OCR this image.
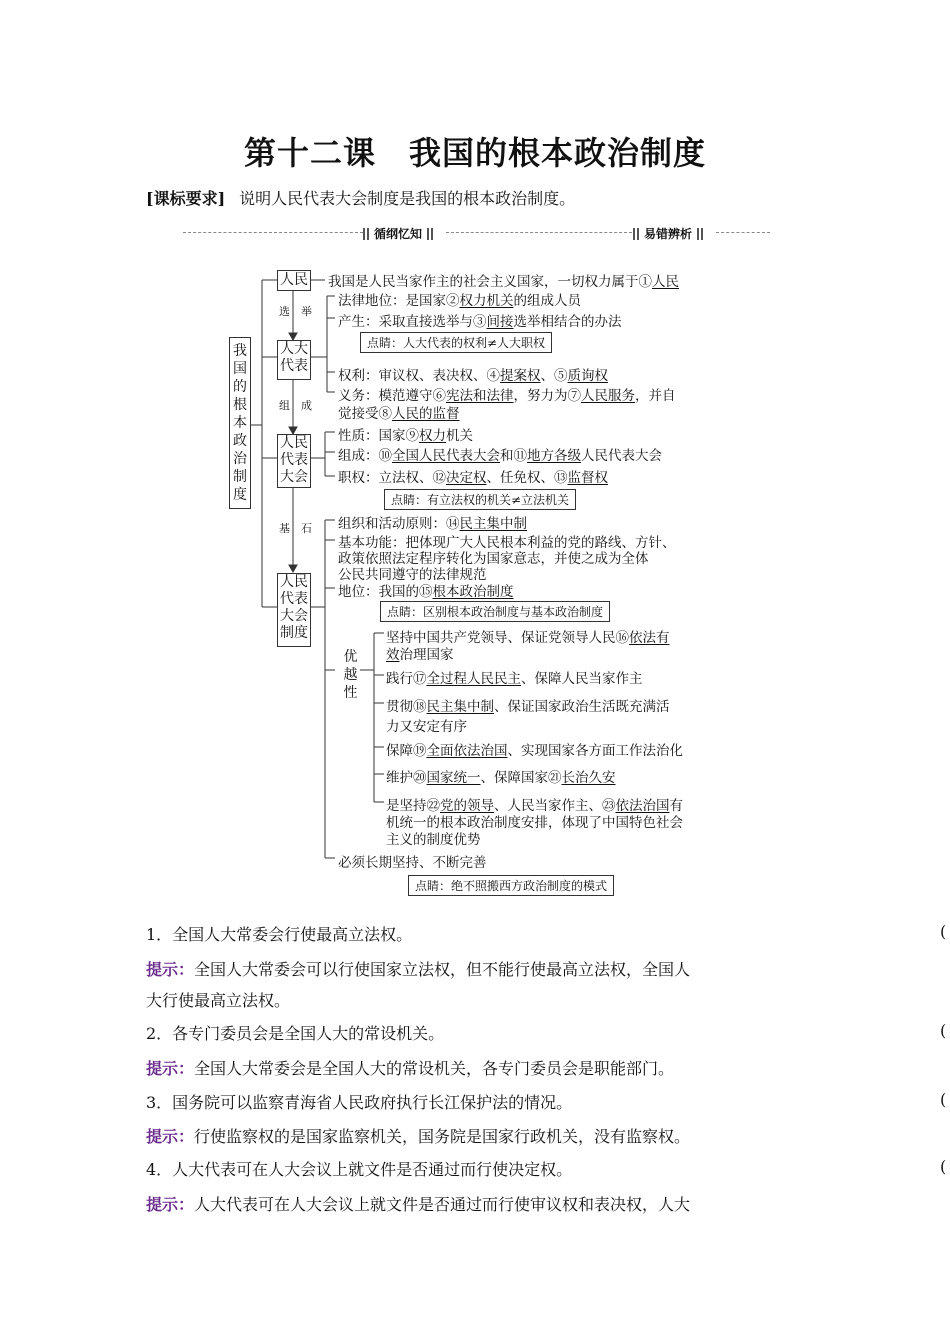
第十二课　我国的根本政治制度
[课标要求] 说明人民代表大会制度是我国的根本政治制度。
循纲忆知	易错辨析
我国的根本政治制度
人民
人大代表
人民代表大会
人民代表大会制度
选　举
组　成
基　石
优越性
我国是人民当家作主的社会主义国家，一切权力属于①人民
法律地位：是国家②权力机关的组成人员
产生：采取直接选举与③间接选举相结合的办法
点睛：人大代表的权利≠人大职权
权利：审议权、表决权、④提案权、⑤质询权
义务：模范遵守⑥宪法和法律，努力为⑦人民服务，并自
觉接受⑧人民的监督
性质：国家⑨权力机关
组成：⑩全国人民代表大会和⑪地方各级人民代表大会
职权：立法权、⑫决定权、任免权、⑬监督权
点睛：有立法权的机关≠立法机关
组织和活动原则：⑭民主集中制
基本功能：把体现广大人民根本利益的党的路线、方针、
政策依照法定程序转化为国家意志，并使之成为全体
公民共同遵守的法律规范
地位：我国的⑮根本政治制度
点睛：区别根本政治制度与基本政治制度
坚持中国共产党领导、保证党领导人民⑯依法有
效治理国家
践行⑰全过程人民民主、保障人民当家作主
贯彻⑱民主集中制、保证国家政治生活既充满活
力又安定有序
保障⑲全面依法治国、实现国家各方面工作法治化
维护⑳国家统一、保障国家㉑长治久安
是坚持㉒党的领导、人民当家作主、㉓依法治国有
机统一的根本政治制度安排，体现了中国特色社会
主义的制度优势
必须长期坚持、不断完善
点睛：绝不照搬西方政治制度的模式
1．全国人大常委会行使最高立法权。	(
提示：全国人大常委会可以行使国家立法权，但不能行使最高立法权，全国人
大行使最高立法权。
2．各专门委员会是全国人大的常设机关。	(
提示：全国人大常委会是全国人大的常设机关，各专门委员会是职能部门。
3．国务院可以监察青海省人民政府执行长江保护法的情况。	(
提示：行使监察权的是国家监察机关，国务院是国家行政机关，没有监察权。
4．人大代表可在人大会议上就文件是否通过而行使决定权。	(
提示：人大代表可在人大会议上就文件是否通过而行使审议权和表决权，人大
